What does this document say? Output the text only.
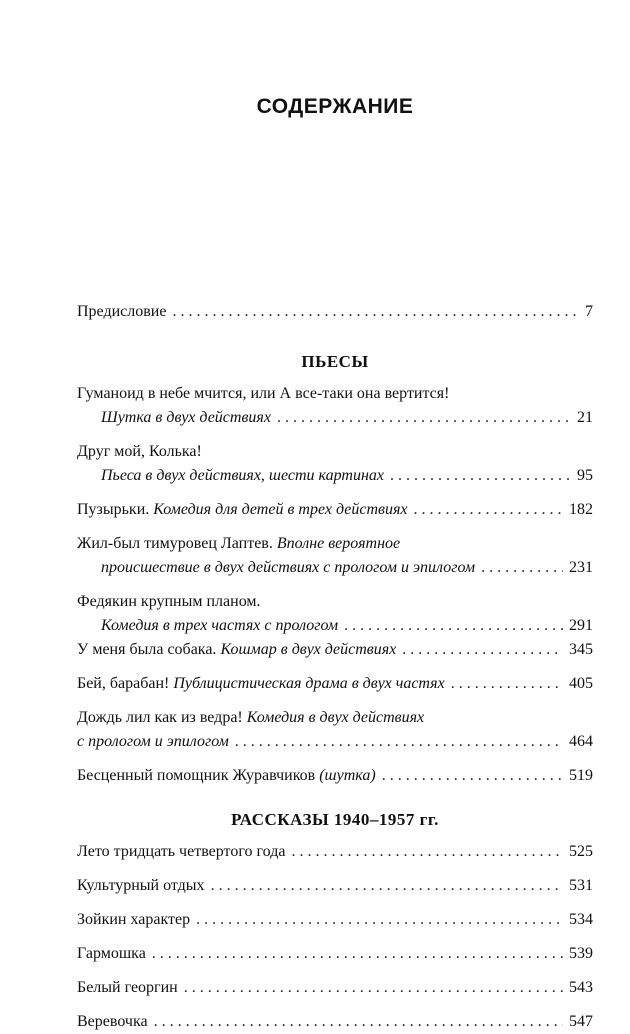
СОДЕРЖАНИЕ
Предисловие . . .	7
ПЬЕСЫ
Гуманоид в небе мчится, или А все-таки она вертится!
Шутка в двух действиях . . .	21
Друг мой, Колька!
Пьеса в двух действиях, шести картинах . . .	95
Пузырьки.
Комедия для детей в трех действиях . . .	182
Жил-был тимуровец Лаптев.
Вполне вероятное
происшествие в двух действиях с прологом и эпилогом . . .	231
Федякин крупным планом.
Комедия в трех частях с прологом . . .	291
У меня была собака.
Кошмар в двух действиях . . .	345
Бей, барабан!
Публицистическая драма в двух частях . . .	405
Дождь лил как из ведра!
Комедия в двух действиях
с прологом и эпилогом . . .	464
Бесценный помощник Журавчиков
(шутка) . . .	519
РАССКАЗЫ 1940–1957 гг.
Лето тридцать четвертого года . . .	525
Культурный отдых . . .	531
Зойкин характер . . .	534
Гармошка . . .	539
Белый георгин . . .	543
Веревочка . . .	547
